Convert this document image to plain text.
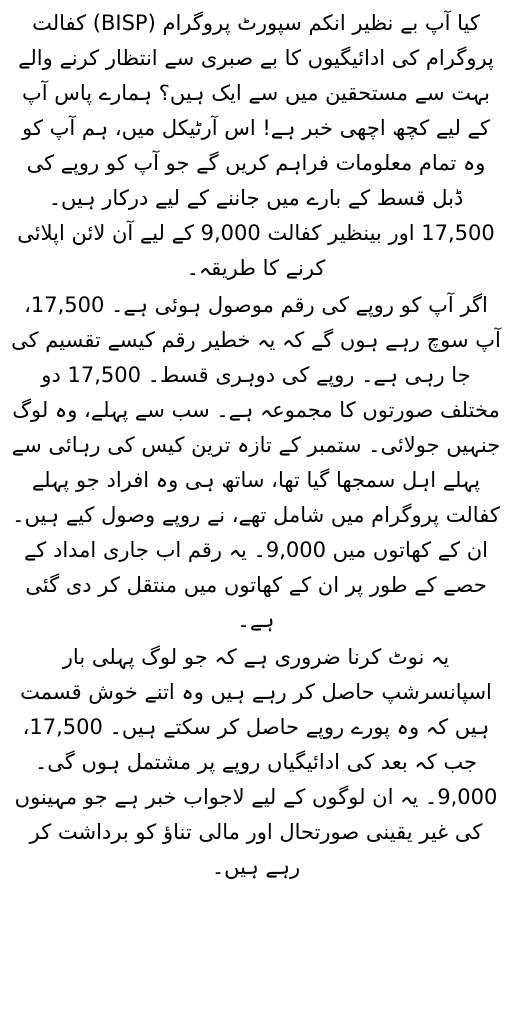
کیا آپ بے نظیر انکم سپورٹ پروگرام (BISP) کفالت پروگرام کی ادائیگیوں کا بے صبری سے انتظار کرنے والے بہت سے مستحقین میں سے ایک ہیں؟ ہمارے پاس آپ کے لیے کچھ اچھی خبر ہے! اس آرٹیکل میں، ہم آپ کو وہ تمام معلومات فراہم کریں گے جو آپ کو روپے کی ڈبل قسط کے بارے میں جاننے کے لیے درکار ہیں۔ 17,500 اور بینظیر کفالت 9,000 کے لیے آن لائن اپلائی کرنے کا طریقہ۔

اگر آپ کو روپے کی رقم موصول ہوئی ہے۔ 17,500، آپ سوچ رہے ہوں گے کہ یہ خطیر رقم کیسے تقسیم کی جا رہی ہے۔ روپے کی دوہری قسط۔ 17,500 دو مختلف صورتوں کا مجموعہ ہے۔ سب سے پہلے، وہ لوگ جنہیں جولائی۔ ستمبر کے تازہ ترین کیس کی رہائی سے پہلے اہل سمجھا گیا تھا، ساتھ ہی وہ افراد جو پہلے کفالت پروگرام میں شامل تھے، نے روپے وصول کیے ہیں۔ ان کے کھاتوں میں 9,000۔ یہ رقم اب جاری امداد کے حصے کے طور پر ان کے کھاتوں میں منتقل کر دی گئی ہے۔

یہ نوٹ کرنا ضروری ہے کہ جو لوگ پہلی بار اسپانسرشپ حاصل کر رہے ہیں وہ اتنے خوش قسمت ہیں کہ وہ پورے روپے حاصل کر سکتے ہیں۔ 17,500، جب کہ بعد کی ادائیگیاں روپے پر مشتمل ہوں گی۔ 9,000۔ یہ ان لوگوں کے لیے لاجواب خبر ہے جو مہینوں کی غیر یقینی صورتحال اور مالی تناؤ کو برداشت کر رہے ہیں۔
